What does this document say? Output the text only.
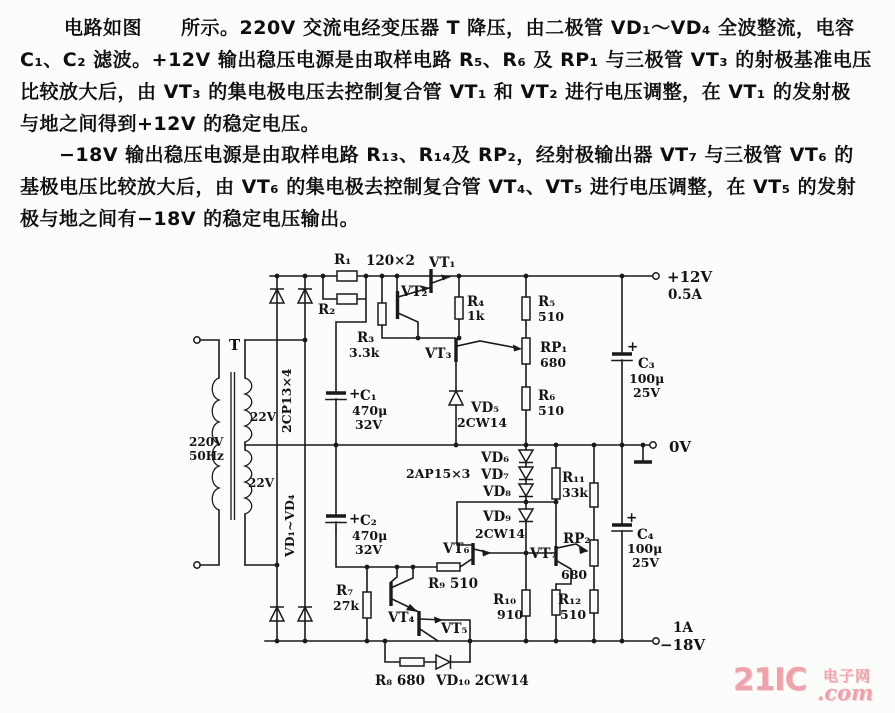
电路如图　　所示。220V 交流电经变压器 T 降压，由二极管 VD₁～VD₄ 全波整流，电容
C₁、C₂ 滤波。+12V 输出稳压电源是由取样电路 R₅、R₆ 及 RP₁ 与三极管 VT₃ 的射极基准电压
比较放大后，由 VT₃ 的集电极电压去控制复合管 VT₁ 和 VT₂ 进行电压调整，在 VT₁ 的发射极
与地之间得到+12V 的稳定电压。
−18V 输出稳压电源是由取样电路 R₁₃、R₁₄及 RP₂，经射极输出器 VT₇ 与三极管 VT₆ 的
基极电压比较放大后，由 VT₆ 的集电极去控制复合管 VT₄、VT₅ 进行电压调整，在 VT₅ 的发射
极与地之间有−18V 的稳定电压输出。
T
220V
50Hz
22V
22V
2CP13×4
VD₁~VD₄
R₁ 120×2
R₂
R₃
3.3k
+ C₁
470μ
32V
VT₁
VT₂
VT₃
R₄
1k
VD₅
2CW14
R₅
510
RP₁
680
R₆
510
+
C₃
100μ
25V
+12V
0.5A
0V
1A
−18V
+ C₂
470μ
32V
2AP15×3
VD₆
VD₇
VD₈
VD₉
2CW14
R₁₁
33k
VT₆	VT₇
RP₂
680
+
C₄
100μ
25V
R₉ 510
R₇
27k
VT₄
VT₅
R₁₀
910
R₁₂
510
R₈ 680 VD₁₀ 2CW14	21IC 电子网
.com
